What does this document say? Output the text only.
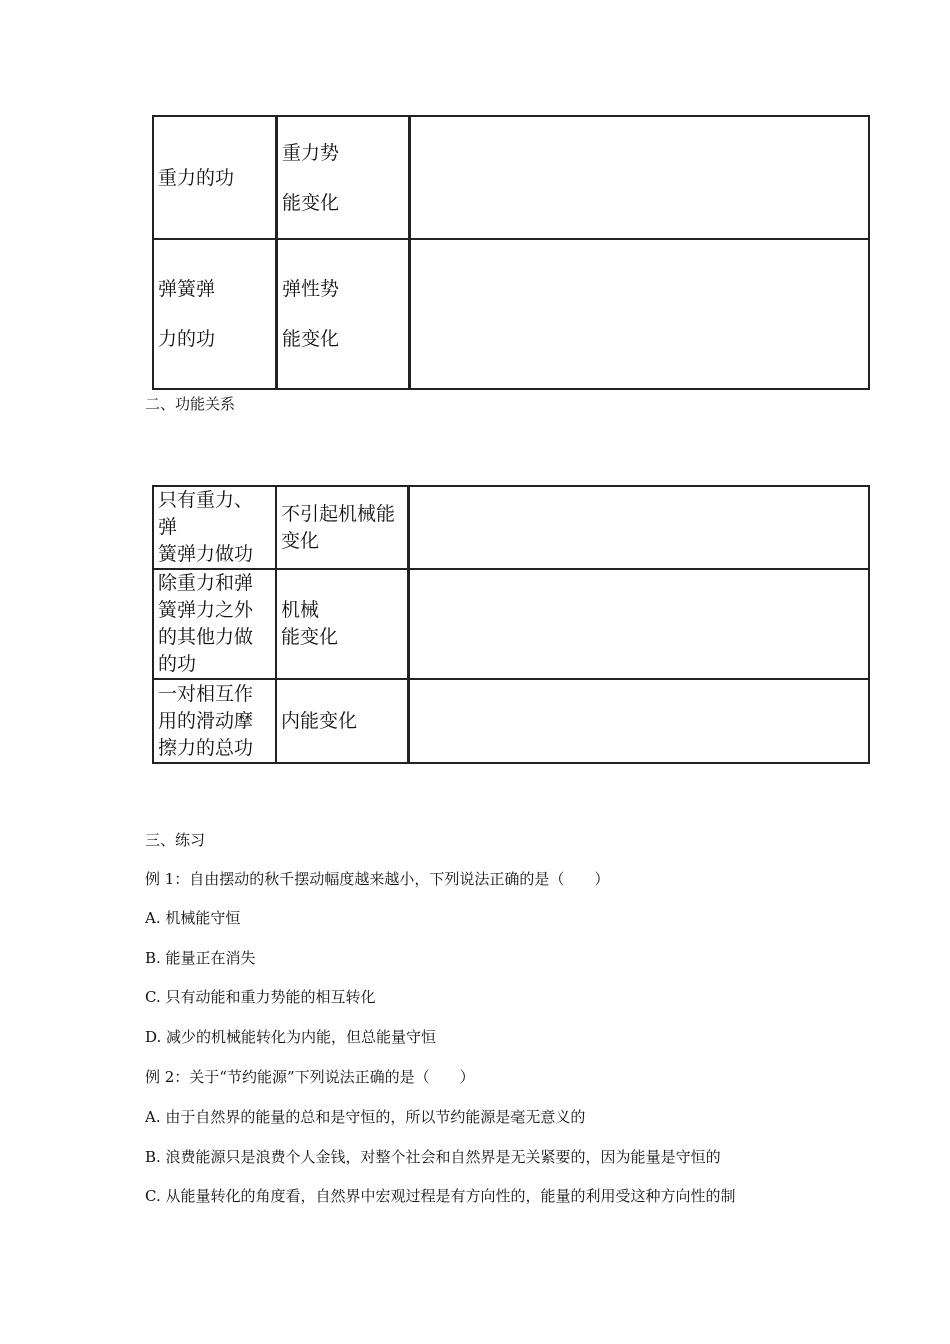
重力的功	重力势
能变化	

弹簧弹
力的功	弹性势
能变化	

二、功能关系
只有重力、弹
簧弹力做功	不引起机械能
变化	

除重力和弹
簧弹力之外
的其他力做
的功	机械
能变化	

一对相互作
用的滑动摩
擦力的总功	内能变化	

三、练习
例 1：自由摆动的秋千摆动幅度越来越小，下列说法正确的是（　　）
A. 机械能守恒
B. 能量正在消失
C. 只有动能和重力势能的相互转化
D. 减少的机械能转化为内能，但总能量守恒
例 2：关于“节约能源”下列说法正确的是（　　）
A. 由于自然界的能量的总和是守恒的，所以节约能源是毫无意义的
B. 浪费能源只是浪费个人金钱，对整个社会和自然界是无关紧要的，因为能量是守恒的
C. 从能量转化的角度看，自然界中宏观过程是有方向性的，能量的利用受这种方向性的制
